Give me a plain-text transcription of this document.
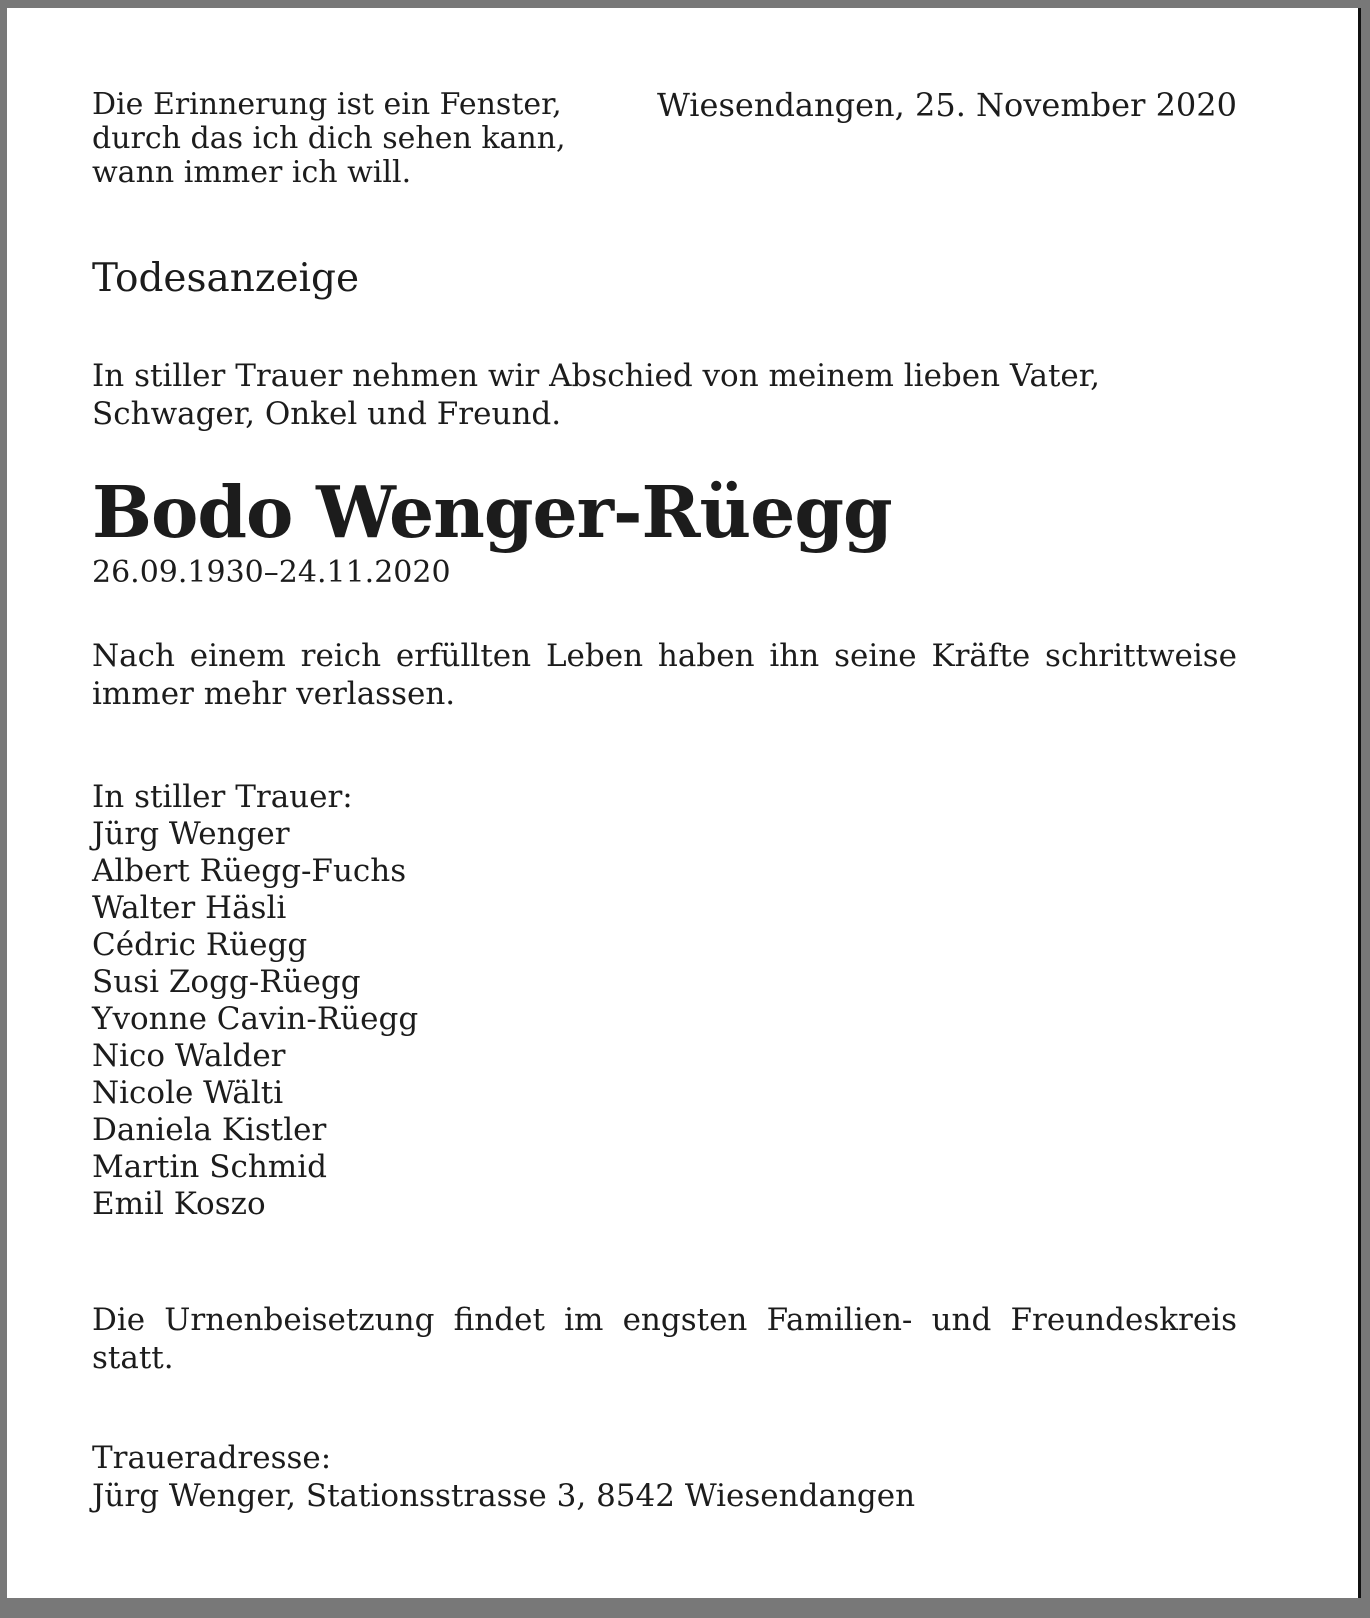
Die Erinnerung ist ein Fenster,
durch das ich dich sehen kann,
wann immer ich will.
Wiesendangen, 25. November 2020
Todesanzeige
In stiller Trauer nehmen wir Abschied von meinem lieben Vater,
Schwager, Onkel und Freund.
Bodo Wenger-Rüegg
26.09.1930–24.11.2020
Nach einem reich erfüllten Leben haben ihn seine Kräfte schrittweise
immer mehr verlassen.
In stiller Trauer:
Jürg Wenger
Albert Rüegg-Fuchs
Walter Häsli
Cédric Rüegg
Susi Zogg-Rüegg
Yvonne Cavin-Rüegg
Nico Walder
Nicole Wälti
Daniela Kistler
Martin Schmid
Emil Koszo
Die Urnenbeisetzung findet im engsten Familien- und Freundeskreis
statt.
Traueradresse:
Jürg Wenger, Stationsstrasse 3, 8542 Wiesendangen
